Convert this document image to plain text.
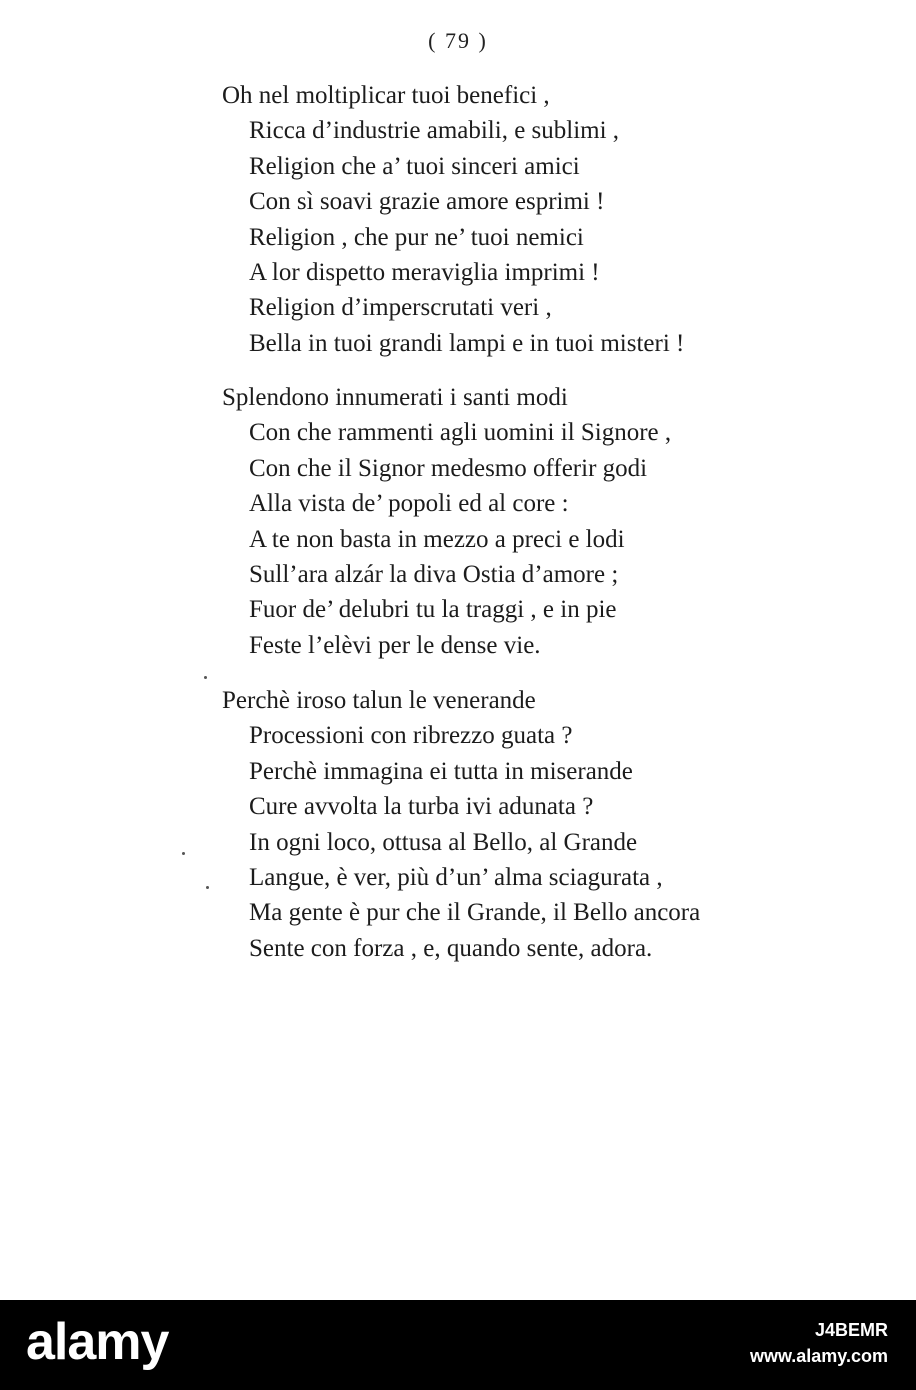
( 79 )
Oh nel moltiplicar tuoi benefici ,
Ricca d’industrie amabili, e sublimi ,
Religion che a’ tuoi sinceri amici
Con sì soavi grazie amore esprimi !
Religion , che pur ne’ tuoi nemici
A lor dispetto meraviglia imprimi !
Religion d’imperscrutati veri ,
Bella in tuoi grandi lampi e in tuoi misteri !
Splendono innumerati i santi modi
Con che rammenti agli uomini il Signore ,
Con che il Signor medesmo offerir godi
Alla vista de’ popoli ed al core :
A te non basta in mezzo a preci e lodi
Sull’ara alzár la diva Ostia d’amore ;
Fuor de’ delubri tu la traggi , e in pie
Feste l’elèvi per le dense vie.
Perchè iroso talun le venerande
Processioni con ribrezzo guata ?
Perchè immagina ei tutta in miserande
Cure avvolta la turba ivi adunata ?
In ogni loco, ottusa al Bello, al Grande
Langue, è ver, più d’un’ alma sciagurata ,
Ma gente è pur che il Grande, il Bello ancora
Sente con forza , e, quando sente, adora.
alamy	J4BEMR
www.alamy.com
